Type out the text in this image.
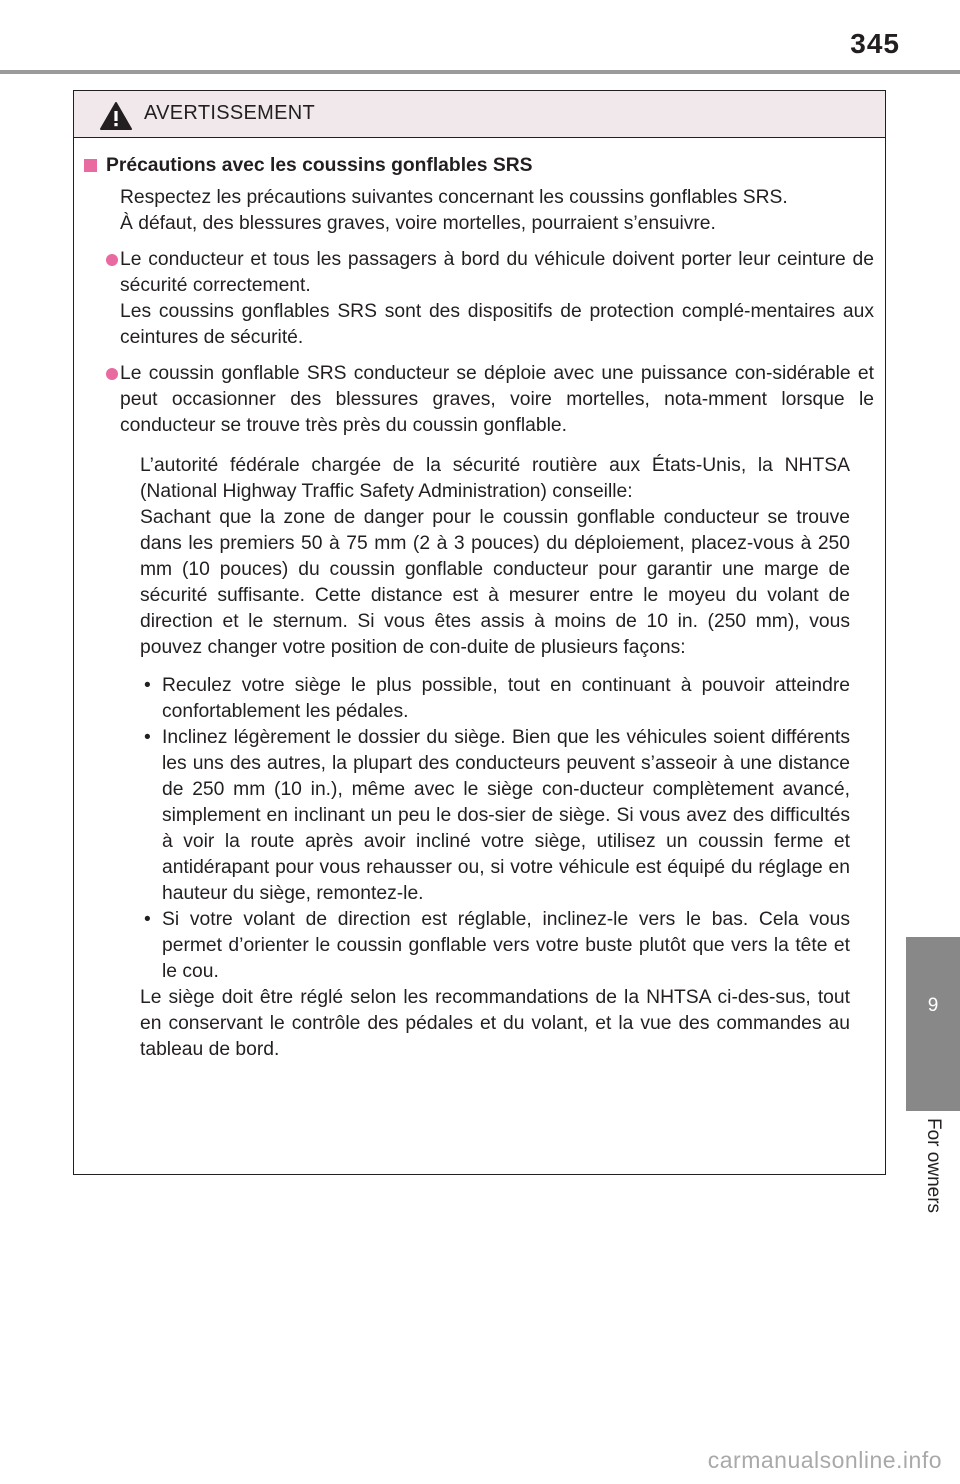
345
9
For owners
AVERTISSEMENT
Précautions avec les coussins gonflables SRS
Respectez les précautions suivantes concernant les coussins gonflables SRS.
À défaut, des blessures graves, voire mortelles, pourraient s’ensuivre.
Le conducteur et tous les passagers à bord du véhicule doivent porter leur ceinture de sécurité correctement.
Les coussins gonflables SRS sont des dispositifs de protection complé-mentaires aux ceintures de sécurité.
Le coussin gonflable SRS conducteur se déploie avec une puissance con-sidérable et peut occasionner des blessures graves, voire mortelles, nota-mment lorsque le conducteur se trouve très près du coussin gonflable.
L’autorité fédérale chargée de la sécurité routière aux États-Unis, la NHTSA (National Highway Traffic Safety Administration) conseille:
Sachant que la zone de danger pour le coussin gonflable conducteur se trouve dans les premiers 50 à 75 mm (2 à 3 pouces) du déploiement, placez-vous à 250 mm (10 pouces) du coussin gonflable conducteur pour garantir une marge de sécurité suffisante. Cette distance est à mesurer entre le moyeu du volant de direction et le sternum. Si vous êtes assis à moins de 10 in. (250 mm), vous pouvez changer votre position de con-duite de plusieurs façons:
• Reculez votre siège le plus possible, tout en continuant à pouvoir atteindre confortablement les pédales.
• Inclinez légèrement le dossier du siège. Bien que les véhicules soient différents les uns des autres, la plupart des conducteurs peuvent s’asseoir à une distance de 250 mm (10 in.), même avec le siège con-ducteur complètement avancé, simplement en inclinant un peu le dos-sier de siège. Si vous avez des difficultés à voir la route après avoir incliné votre siège, utilisez un coussin ferme et antidérapant pour vous rehausser ou, si votre véhicule est équipé du réglage en hauteur du siège, remontez-le.
• Si votre volant de direction est réglable, inclinez-le vers le bas. Cela vous permet d’orienter le coussin gonflable vers votre buste plutôt que vers la tête et le cou.
Le siège doit être réglé selon les recommandations de la NHTSA ci-des-sus, tout en conservant le contrôle des pédales et du volant, et la vue des commandes au tableau de bord.
carmanualsonline.info
